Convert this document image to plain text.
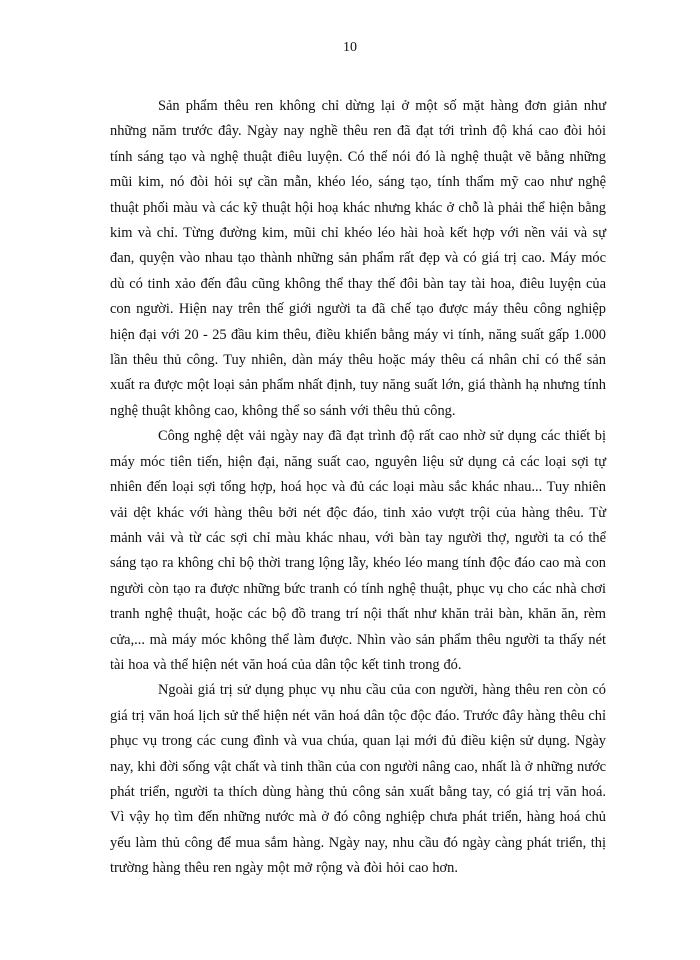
10

Sản phẩm thêu ren không chỉ dừng lại ở một số mặt hàng đơn giản như những năm trước đây. Ngày nay nghề thêu ren đã đạt tới trình độ khá cao đòi hỏi tính sáng tạo và nghệ thuật điêu luyện. Có thể nói đó là nghệ thuật vẽ bằng những mũi kim, nó đòi hỏi sự cần mẫn, khéo léo, sáng tạo, tính thẩm mỹ cao như nghệ thuật phối màu và các kỹ thuật hội hoạ khác nhưng khác ở chỗ là phải thể hiện bằng kim và chỉ. Từng đường kim, mũi chỉ khéo léo hài hoà kết hợp với nền vải và sự đan, quyện vào nhau tạo thành những sản phẩm rất đẹp và có giá trị cao. Máy móc dù có tinh xảo đến đâu cũng không thể thay thế đôi bàn tay tài hoa, điêu luyện của con người. Hiện nay trên thế giới người ta đã chế tạo được máy thêu công nghiệp hiện đại với 20 - 25 đầu kim thêu, điều khiển bằng máy vi tính, năng suất gấp 1.000 lần thêu thủ công. Tuy nhiên, dàn máy thêu hoặc máy thêu cá nhân chỉ có thể sản xuất ra được một loại sản phẩm nhất định, tuy năng suất lớn, giá thành hạ nhưng tính nghệ thuật không cao, không thể so sánh với thêu thủ công.

Công nghệ dệt vải ngày nay đã đạt trình độ rất cao nhờ sử dụng các thiết bị máy móc tiên tiến, hiện đại, năng suất cao, nguyên liệu sử dụng cả các loại sợi tự nhiên đến loại sợi tổng hợp, hoá học và đủ các loại màu sắc khác nhau... Tuy nhiên vải dệt khác với hàng thêu bởi nét độc đáo, tinh xảo vượt trội của hàng thêu. Từ mảnh vải và từ các sợi chỉ màu khác nhau, với bàn tay người thợ, người ta có thể sáng tạo ra không chỉ bộ thời trang lộng lẫy, khéo léo mang tính độc đáo cao mà con người còn tạo ra được những bức tranh có tính nghệ thuật, phục vụ cho các nhà chơi tranh nghệ thuật, hoặc các bộ đồ trang trí nội thất như khăn trải bàn, khăn ăn, rèm cửa,... mà máy móc không thể làm được. Nhìn vào sản phẩm thêu người ta thấy nét tài hoa và thể hiện nét văn hoá của dân tộc kết tinh trong đó.

Ngoài giá trị sử dụng phục vụ nhu cầu của con người, hàng thêu ren còn có giá trị văn hoá lịch sử thể hiện nét văn hoá dân tộc độc đáo. Trước đây hàng thêu chỉ phục vụ trong các cung đình và vua chúa, quan lại mới đủ điều kiện sử dụng. Ngày nay, khi đời sống vật chất và tinh thần của con người nâng cao, nhất là ở những nước phát triển, người ta thích dùng hàng thủ công sản xuất bằng tay, có giá trị văn hoá. Vì vậy họ tìm đến những nước mà ở đó công nghiệp chưa phát triển, hàng hoá chủ yếu làm thủ công để mua sắm hàng. Ngày nay, nhu cầu đó ngày càng phát triển, thị trường hàng thêu ren ngày một mở rộng và đòi hỏi cao hơn.
